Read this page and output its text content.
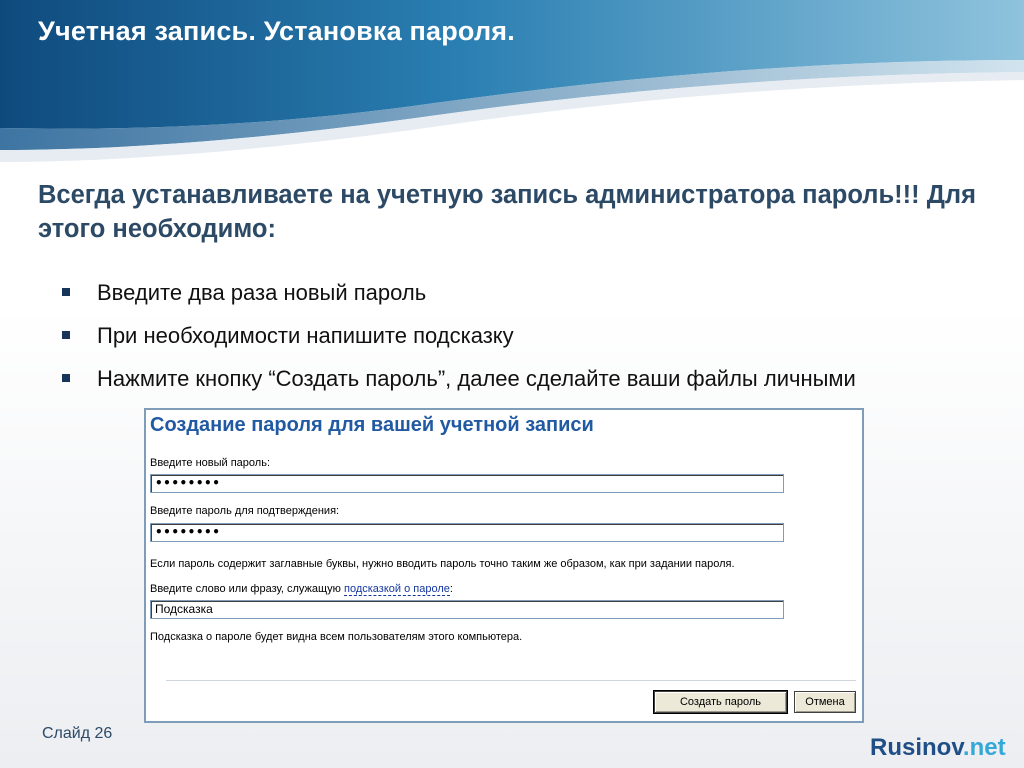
Учетная запись. Установка пароля.
Всегда устанавливаете на учетную запись администратора пароль!!! Для этого необходимо:
Введите два раза новый пароль
При необходимости напишите подсказку
Нажмите кнопку “Создать пароль”, далее сделайте ваши файлы личными
Создание пароля для вашей учетной записи
Введите новый пароль:
••••••••
Введите пароль для подтверждения:
••••••••
Если пароль содержит заглавные буквы, нужно вводить пароль точно таким же образом, как при задании пароля.
Введите слово или фразу, служащую подсказкой о пароле:
Подсказка
Подсказка о пароле будет видна всем пользователям этого компьютера.
Создать пароль	Отмена
Слайд 26
Rusinov.net
